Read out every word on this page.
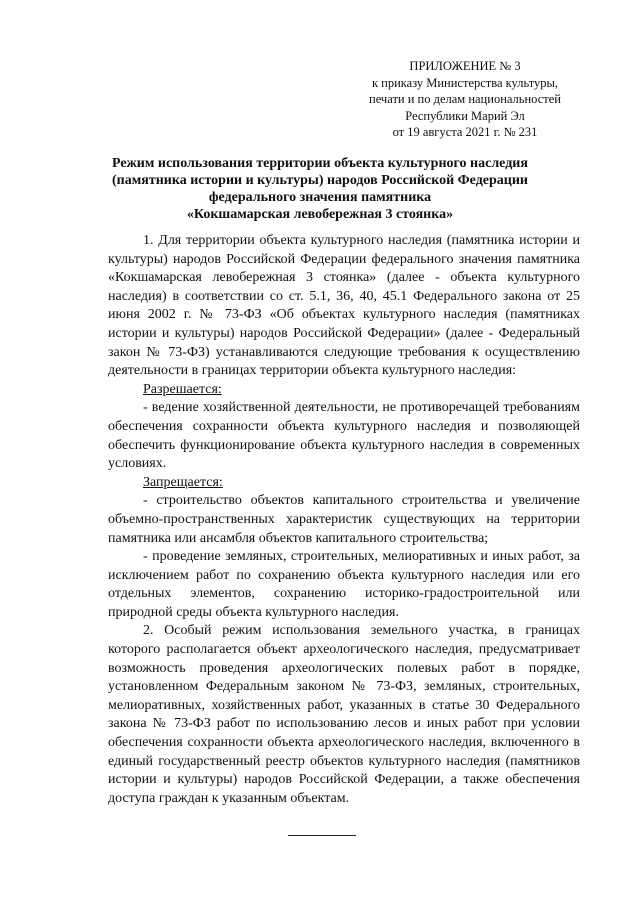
ПРИЛОЖЕНИЕ № 3
к приказу Министерства культуры,
печати и по делам национальностей
Республики Марий Эл
от 19 августа 2021 г. № 231
Режим использования территории объекта культурного наследия
(памятника истории и культуры) народов Российской Федерации
федерального значения памятника
«Кокшамарская левобережная 3 стоянка»

1. Для территории объекта культурного наследия (памятника истории и культуры) народов Российской Федерации федерального значения памятника «Кокшамарская левобережная 3 стоянка» (далее - объекта культурного наследия) в соответствии со ст. 5.1, 36, 40, 45.1 Федерального закона от 25 июня 2002 г. № 73-ФЗ «Об объектах культурного наследия (памятниках истории и культуры) народов Российской Федерации» (далее - Федеральный закон № 73-ФЗ) устанавливаются следующие требования к осуществлению деятельности в границах территории объекта культурного наследия:

Разрешается:

- ведение хозяйственной деятельности, не противоречащей требованиям обеспечения сохранности объекта культурного наследия и позволяющей обеспечить функционирование объекта культурного наследия в современных условиях.

Запрещается:

- строительство объектов капитального строительства и увеличение объемно-пространственных характеристик существующих на территории памятника или ансамбля объектов капитального строительства;

- проведение земляных, строительных, мелиоративных и иных работ, за исключением работ по сохранению объекта культурного наследия или его отдельных элементов, сохранению историко-градостроительной или природной среды объекта культурного наследия.

2. Особый режим использования земельного участка, в границах которого располагается объект археологического наследия, предусматривает возможность проведения археологических полевых работ в порядке, установленном Федеральным законом № 73-ФЗ, земляных, строительных, мелиоративных, хозяйственных работ, указанных в статье 30 Федерального закона № 73-ФЗ работ по использованию лесов и иных работ при условии обеспечения сохранности объекта археологического наследия, включенного в единый государственный реестр объектов культурного наследия (памятников истории и культуры) народов Российской Федерации, а также обеспечения доступа граждан к указанным объектам.
